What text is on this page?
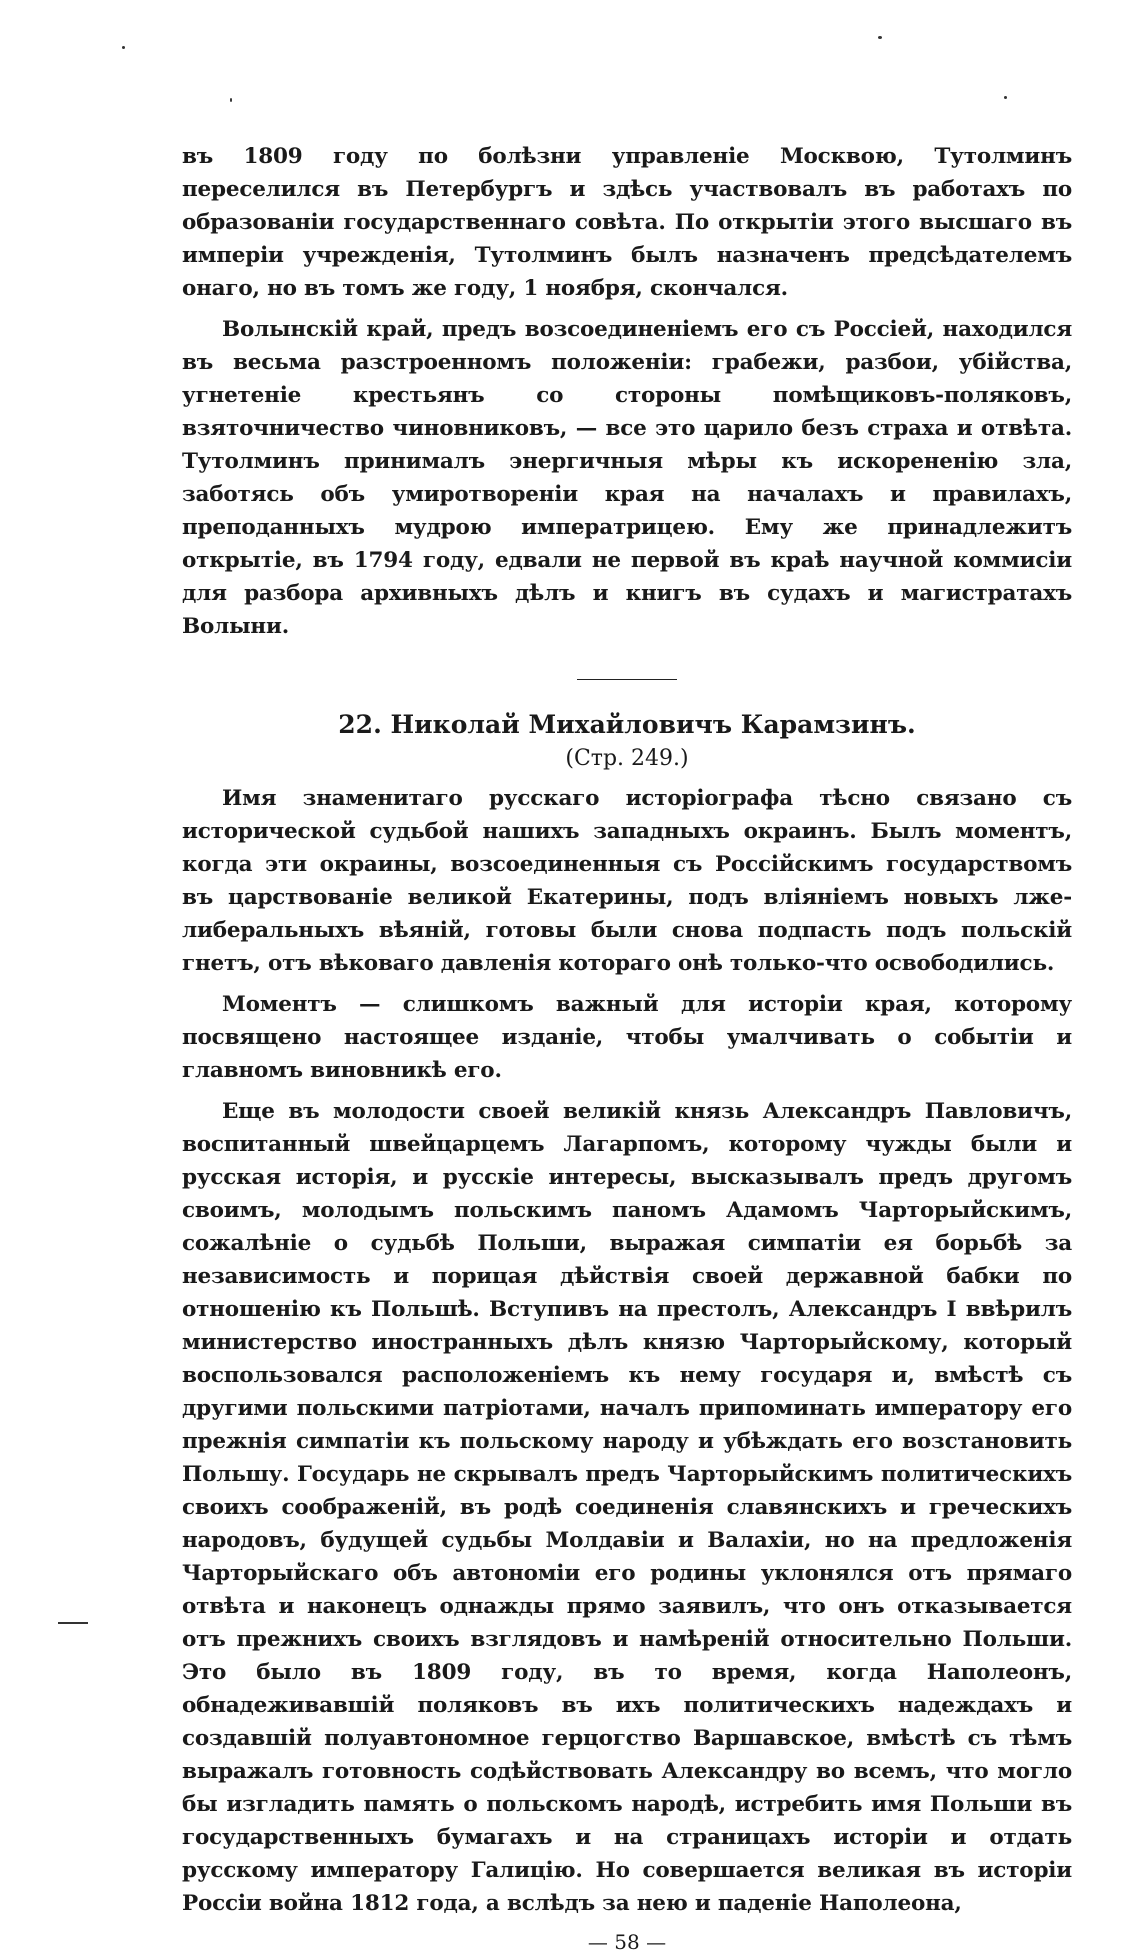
въ 1809 году по болѣзни управленіе Москвою, Тутолминъ переселился въ Петербургъ и здѣсь участвовалъ въ работахъ по образованіи государственнаго совѣта. По открытіи этого высшаго въ имперіи учрежденія, Тутолминъ былъ назначенъ предсѣдателемъ онаго, но въ томъ же году, 1 ноября, скончался.

Волынскій край, предъ возсоединеніемъ его съ Россіей, находился въ весьма разстроенномъ положеніи: грабежи, разбои, убійства, угнетеніе крестьянъ со стороны помѣщиковъ-поляковъ, взяточничество чиновниковъ, — все это царило безъ страха и отвѣта. Тутолминъ принималъ энергичныя мѣры къ искорененію зла, заботясь объ умиротвореніи края на началахъ и правилахъ, преподанныхъ мудрою императрицею. Ему же принадлежитъ открытіе, въ 1794 году, едвали не первой въ краѣ научной коммисіи для разбора архивныхъ дѣлъ и книгъ въ судахъ и магистратахъ Волыни.

22. Николай Михайловичъ Карамзинъ.
(Стр. 249.)

Имя знаменитаго русскаго исторіографа тѣсно связано съ исторической судьбой нашихъ западныхъ окраинъ. Былъ моментъ, когда эти окраины, возсоединенныя съ Россійскимъ государствомъ въ царствованіе великой Екатерины, подъ вліяніемъ новыхъ лже-либеральныхъ вѣяній, готовы были снова подпасть подъ польскій гнетъ, отъ вѣковаго давленія котораго онѣ только-что освободились.

Моментъ — слишкомъ важный для исторіи края, которому посвящено настоящее изданіе, чтобы умалчивать о событіи и главномъ виновникѣ его.

Еще въ молодости своей великій князь Александръ Павловичъ, воспитанный швейцарцемъ Лагарпомъ, которому чужды были и русская исторія, и русскіе интересы, высказывалъ предъ другомъ своимъ, молодымъ польскимъ паномъ Адамомъ Чарторыйскимъ, сожалѣніе о судьбѣ Польши, выражая симпатіи ея борьбѣ за независимость и порицая дѣйствія своей державной бабки по отношенію къ Польшѣ. Вступивъ на престолъ, Александръ I ввѣрилъ министерство иностранныхъ дѣлъ князю Чарторыйскому, который воспользовался расположеніемъ къ нему государя и, вмѣстѣ съ другими польскими патріотами, началъ припоминать императору его прежнія симпатіи къ польскому народу и убѣждать его возстановить Польшу. Государь не скрывалъ предъ Чарторыйскимъ политическихъ своихъ соображеній, въ родѣ соединенія славянскихъ и греческихъ народовъ, будущей судьбы Молдавіи и Валахіи, но на предложенія Чарторыйскаго объ автономіи его родины уклонялся отъ прямаго отвѣта и наконецъ однажды прямо заявилъ, что онъ отказывается отъ прежнихъ своихъ взглядовъ и намѣреній относительно Польши. Это было въ 1809 году, въ то время, когда Наполеонъ, обнадеживавшій поляковъ въ ихъ политическихъ надеждахъ и создавшій полуавтономное герцогство Варшавское, вмѣстѣ съ тѣмъ выражалъ готовность содѣйствовать Александру во всемъ, что могло бы изгладить память о польскомъ народѣ, истребить имя Польши въ государственныхъ бумагахъ и на страницахъ исторіи и отдать русскому императору Галицію. Но совершается великая въ исторіи Россіи война 1812 года, а вслѣдъ за нею и паденіе Наполеона,

— 58 —
